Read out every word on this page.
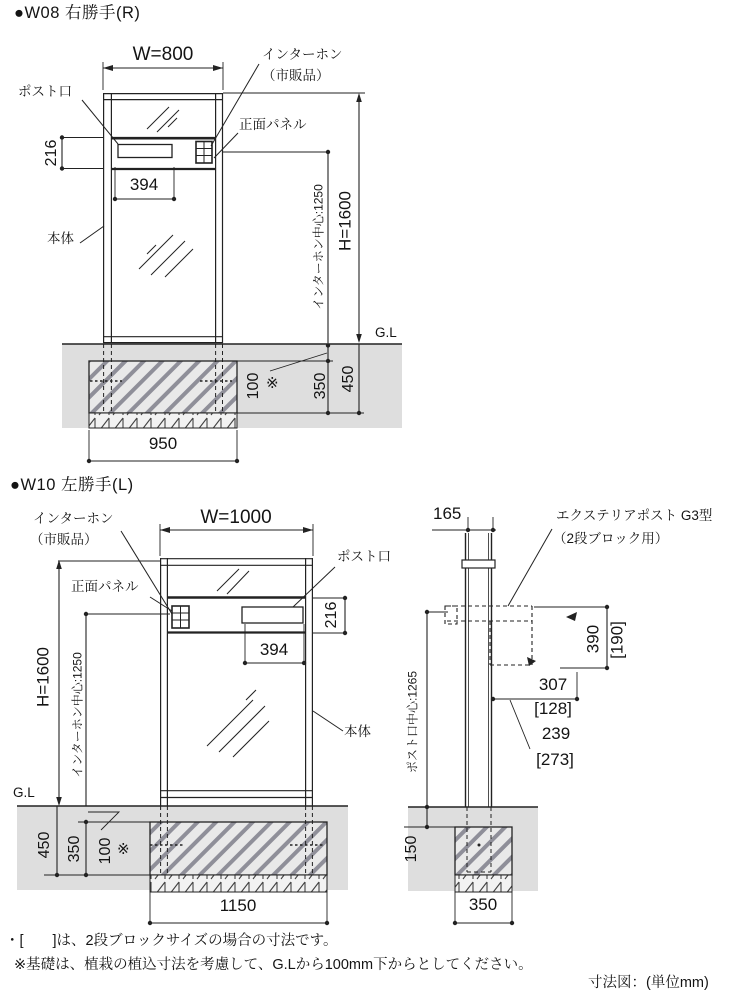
●W08 右勝手(R)
W=800	インターホン
（市販品）
ポスト口
正面パネル
本体
216
394
H=1600
インターホン中心:1250
G.L
100 ※ 350 450
950
●W10 左勝手(L)
W=1000
インターホン
（市販品）
ポスト口
正面パネル
本体
216
394
H=1600 インターホン中心:1250
G.L
450 350 100 ※
1150
165	エクステリアポスト G3型
（2段ブロック用）
ポスト口中心:1265
390 [190]
307
[128]
239
[273]
150
350
・[　　]は、2段ブロックサイズの場合の寸法です。
※基礎は、植栽の植込寸法を考慮して、G.Lから100mm下からとしてください。
寸法図：(単位mm)
